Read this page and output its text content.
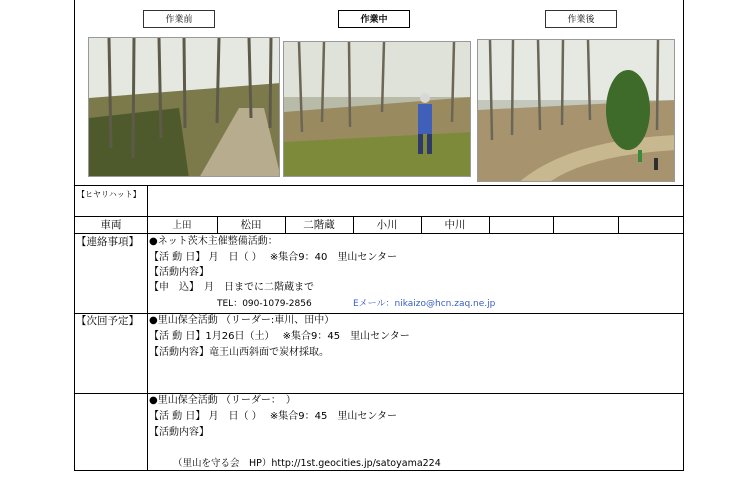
作業前	作業中	作業後
【ヒヤリハット】
車両	上田	松田	二階蔵	小川	中川
【連絡事項】 ●ネット茨木主催整備活動：
【活 動 日】 月　日（ ）　 ※集合9：40　里山センター
【活動内容】
【申　込】　月　日までに二階蔵まで
TEL：090-1079-2856	Eメール：nikaizo@hcn.zaq.ne.jp
【次回予定】 ●里山保全活動 （リーダー:車川、田中）
【活 動 日】1月26日（土）　 ※集合9：45　里山センター
【活動内容】竜王山西斜面で炭材採取。
●里山保全活動 （リーダー：　）
【活 動 日】 月　日（ ）　 ※集合9：45　里山センター
【活動内容】
（里山を守る会　HP）http://1st.geocities.jp/satoyama224
